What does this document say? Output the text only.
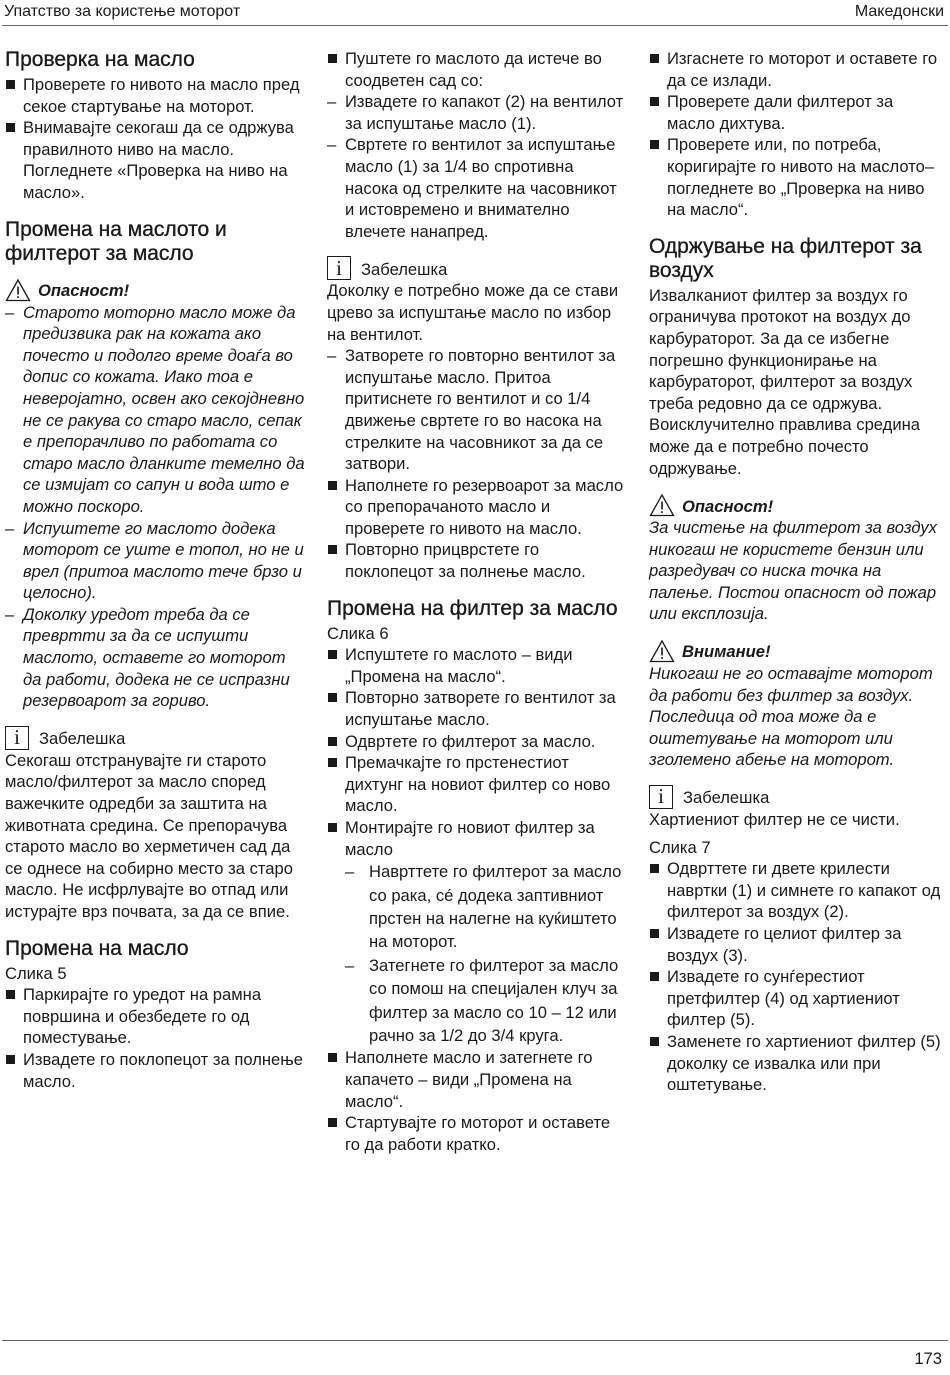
Упатство за користење моторот	Македонски
Проверка на масло
Проверете го нивото на масло пред секое стартување на моторот.
Внимавајте секогаш да се одржува правилното ниво на масло. Погледнете «Проверка на ниво на масло».
Промена на маслото и филтерот за масло
Опасност!
– Старото моторно масло може да предизвика рак на кожата ако почесто и подолго време доаѓа во допис со кожата. Иако тоа е неверојатно, освен ако секојдневно не се ракува со старо масло, сепак е препорачливо по работата со старо масло дланките темелно да се измијат со сапун и вода што е можно поскоро.
– Испуштете го маслото додека моторот се уште е топол, но не и врел (притоа маслото тече брзо и целосно).
– Доколку уредот треба да се превртти за да се испушти маслото, оставете го моторот да работи, додека не се испразни резервоарот за гориво.
i	Забелешка

Секогаш отстранувајте ги старото масло/филтерот за масло според важечките одредби за заштита на животната средина. Се препорачува старото масло во херметичен сад да се однесе на собирно место за старо масло. Не исфрлувајте во отпад или истурајте врз почвата, за да се впие.

Промена на масло

Слика 5

Паркирајте го уредот на рамна површина и обезбедете го од поместување.
Извадете го поклопецот за полнење масло.
Пуштете го маслото да истече во соодветен сад со:
– Извадете го капакот (2) на вентилот за испуштање масло (1).
– Свртете го вентилот за испуштање масло (1) за 1/4 во спротивна насока од стрелките на часовникот и истовремено и внимателно влечете нанапред.
i	Забелешка

Доколку е потребно може да се стави црево за испуштање масло по избор на вентилот.

– Затворете го повторно вентилот за испуштање масло. Притоа притиснете го вентилот и со 1/4 движење свртете го во насока на стрелките на часовникот за да се затвори.
Наполнете го резервоарот за масло со препорачаното масло и проверете го нивото на масло.
Повторно прицврстете го поклопецот за полнење масло.
Промена на филтер за масло

Слика 6

Испуштете го маслото – види „Промена на масло“.
Повторно затворете го вентилот за испуштање масло.
Одвртете го филтерот за масло.
Премачкајте го прстенестиот дихтунг на новиот филтер со ново масло.
Монтирајте го новиот филтер за масло
– Наврттете го филтерот за масло со рака, сé додека заптивниот прстен на налегне на куќиштето на моторот.
– Затегнете го филтерот за масло со помош на специјален клуч за филтер за масло со 10 – 12 или рачно за 1/2 до 3/4 круга.
Наполнете масло и затегнете го капачето – види „Промена на масло“.
Стартувајте го моторот и оставете го да работи кратко.
Изгаснете го моторот и оставете го да се излади.
Проверете дали филтерот за масло дихтува.
Проверете или, по потреба, коригирајте го нивото на маслото– погледнете во „Проверка на ниво на масло“.
Одржување на филтерот за воздух

Извалканиот филтер за воздух го ограничува протокот на воздух до карбураторот. За да се избегне погрешно функционирање на карбураторот, филтерот за воздух треба редовно да се одржува. Воисклучително правлива средина може да е потребно почесто одржување.

Опасност!

За чистење на филтерот за воздух никогаш не користете бензин или разредувач со ниска точка на палење. Постои опасност од пожар или експлозија.

Внимание!

Никогаш не го оставајте моторот да работи без филтер за воздух. Последица од тоа може да е оштетување на моторот или зголемено абење на моторот.

i	Забелешка

Хартиениот филтер не се чисти.

Слика 7

Одврттете ги двете крилести навртки (1) и симнете го капакот од филтерот за воздух (2).
Извадете го целиот филтер за воздух (3).
Извадете го сунѓерестиот претфилтер (4) од хартиениот филтер (5).
Заменете го хартиениот филтер (5) доколку се извалка или при оштетување.
173
